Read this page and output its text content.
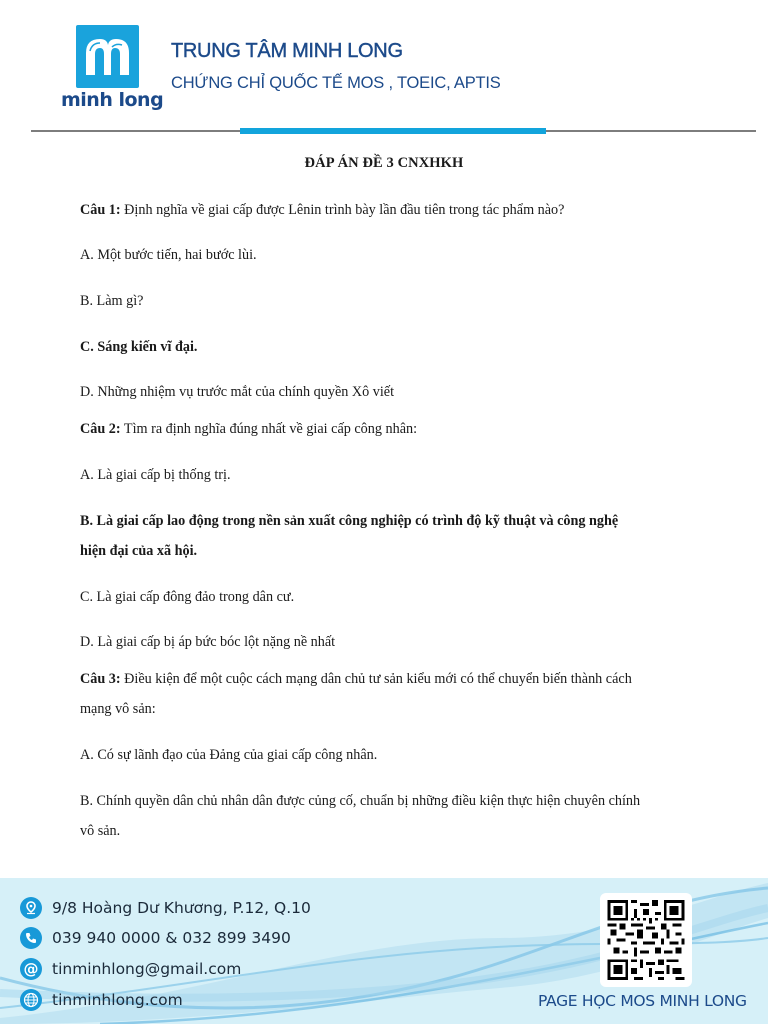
minh long
TRUNG TÂM MINH LONG
CHỨNG CHỈ QUỐC TẾ MOS , TOEIC, APTIS
ĐÁP ÁN ĐỀ 3 CNXHKH
Câu 1: Định nghĩa về giai cấp được Lênin trình bày lần đầu tiên trong tác phẩm nào?
A. Một bước tiến, hai bước lùi.
B. Làm gì?
C. Sáng kiến vĩ đại.
D. Những nhiệm vụ trước mắt của chính quyền Xô viết
Câu 2: Tìm ra định nghĩa đúng nhất về giai cấp công nhân:
A. Là giai cấp bị thống trị.
B. Là giai cấp lao động trong nền sản xuất công nghiệp có trình độ kỹ thuật và công nghệ
hiện đại của xã hội.
C. Là giai cấp đông đảo trong dân cư.
D. Là giai cấp bị áp bức bóc lột nặng nề nhất
Câu 3: Điều kiện để một cuộc cách mạng dân chủ tư sản kiểu mới có thể chuyển biến thành cách
mạng vô sản:
A. Có sự lãnh đạo của Đảng của giai cấp công nhân.
B. Chính quyền dân chủ nhân dân được củng cố, chuẩn bị những điều kiện thực hiện chuyên chính
vô sản.
9/8 Hoàng Dư Khương, P.12, Q.10
039 940 0000 & 032 899 3490
@ tinminhlong@gmail.com
tinminhlong.com	PAGE HỌC MOS MINH LONG
